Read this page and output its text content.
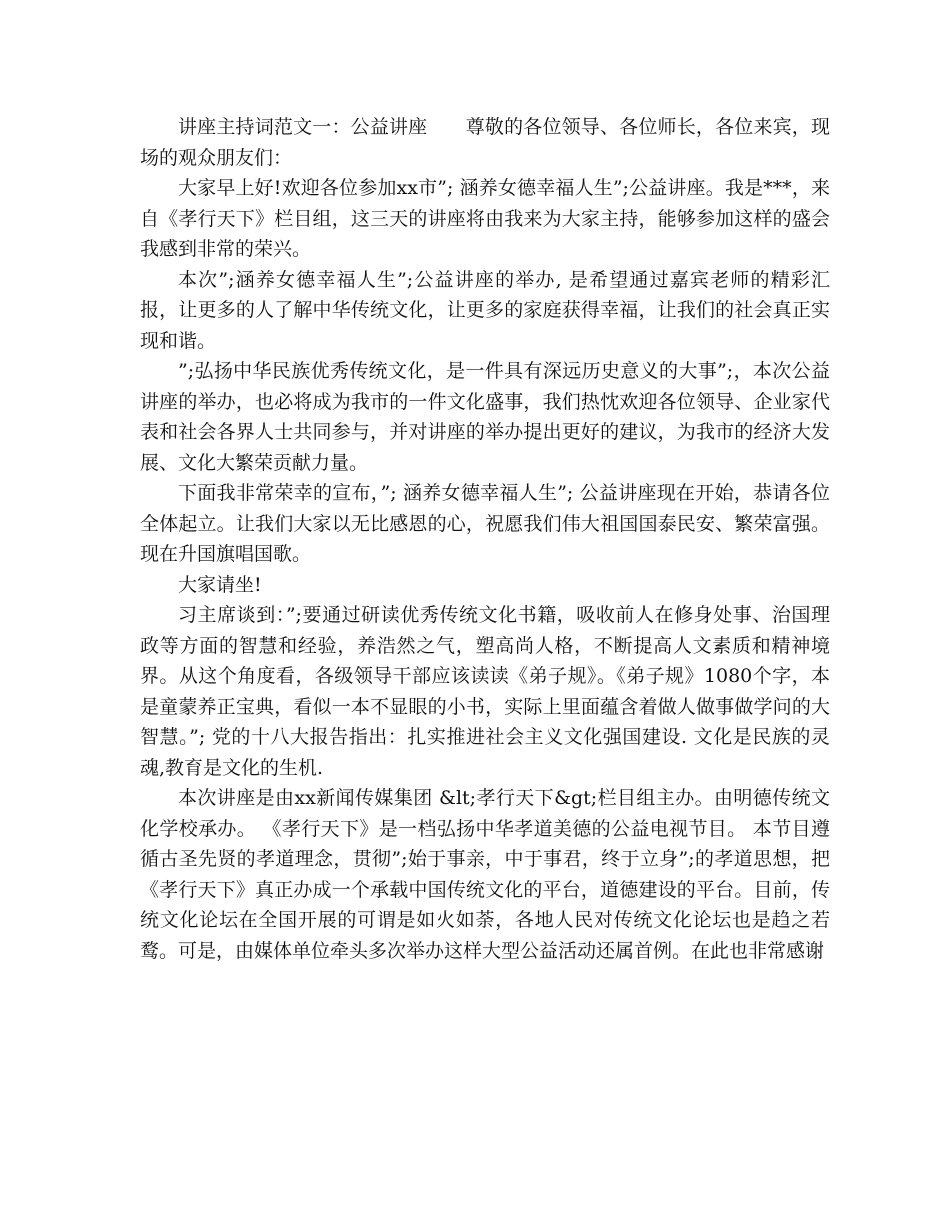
讲座主持词范文一：公益讲座　　尊敬的各位领导、各位师长，各位来宾，现场的观众朋友们：

大家早上好!欢迎各位参加xx市”; 涵养女德幸福人生”;公益讲座。我是***，来自《孝行天下》栏目组，这三天的讲座将由我来为大家主持，能够参加这样的盛会我感到非常的荣兴。

本次”;涵养女德幸福人生”;公益讲座的举办, 是希望通过嘉宾老师的精彩汇报，让更多的人了解中华传统文化，让更多的家庭获得幸福，让我们的社会真正实现和谐。

”;弘扬中华民族优秀传统文化，是一件具有深远历史意义的大事”;，本次公益讲座的举办，也必将成为我市的一件文化盛事，我们热忱欢迎各位领导、企业家代表和社会各界人士共同参与，并对讲座的举办提出更好的建议，为我市的经济大发展、文化大繁荣贡献力量。

下面我非常荣幸的宣布，”; 涵养女德幸福人生”; 公益讲座现在开始，恭请各位全体起立。让我们大家以无比感恩的心，祝愿我们伟大祖国国泰民安、繁荣富强。现在升国旗唱国歌。

大家请坐!

习主席谈到：”;要通过研读优秀传统文化书籍，吸收前人在修身处事、治国理政等方面的智慧和经验，养浩然之气，塑高尚人格，不断提高人文素质和精神境界。从这个角度看，各级领导干部应该读读《弟子规》。《弟子规》1080个字，本是童蒙养正宝典，看似一本不显眼的小书，实际上里面蕴含着做人做事做学问的大智慧。”; 党的十八大报告指出：扎实推进社会主义文化强国建设. 文化是民族的灵魂,教育是文化的生机.

本次讲座是由xx新闻传媒集团 &lt;孝行天下&gt;栏目组主办。由明德传统文化学校承办。 《孝行天下》是一档弘扬中华孝道美德的公益电视节目。 本节目遵循古圣先贤的孝道理念，贯彻”;始于事亲，中于事君，终于立身”;的孝道思想，把《孝行天下》真正办成一个承载中国传统文化的平台，道德建设的平台。目前，传统文化论坛在全国开展的可谓是如火如荼，各地人民对传统文化论坛也是趋之若鹜。可是，由媒体单位牵头多次举办这样大型公益活动还属首例。在此也非常感谢
